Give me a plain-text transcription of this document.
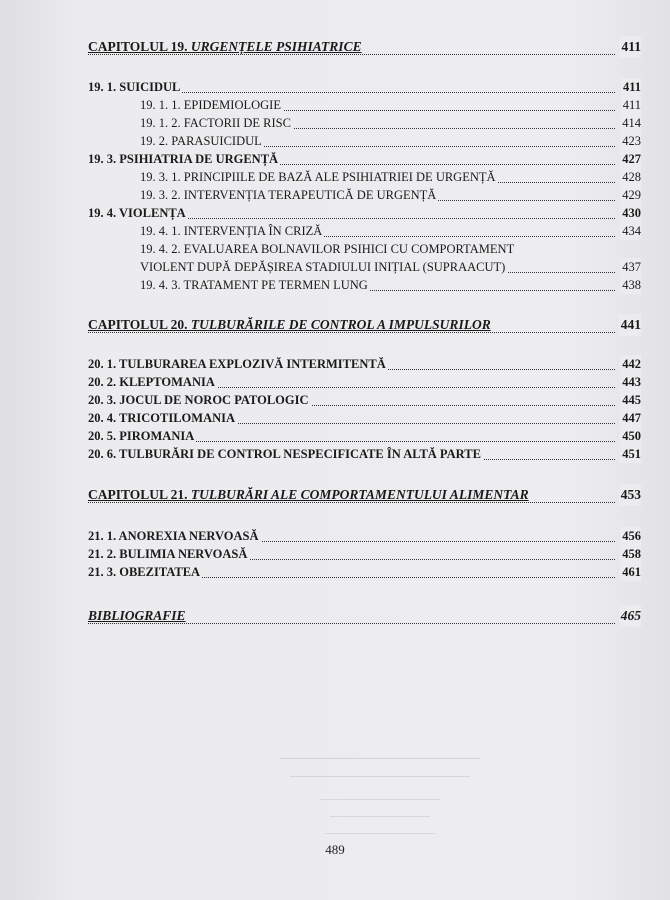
CAPITOLUL 19. URGENȚELE PSIHIATRICE	411
19. 1. SUICIDUL	411
19. 1. 1. EPIDEMIOLOGIE	411
19. 1. 2. FACTORII DE RISC	414
19. 2. PARASUICIDUL	423
19. 3. PSIHIATRIA DE URGENȚĂ	427
19. 3. 1. PRINCIPIILE DE BAZĂ ALE PSIHIATRIEI DE URGENȚĂ	428
19. 3. 2. INTERVENȚIA TERAPEUTICĂ DE URGENȚĂ	429
19. 4. VIOLENȚA	430
19. 4. 1. INTERVENȚIA ÎN CRIZĂ	434
19. 4. 2. EVALUAREA BOLNAVILOR PSIHICI CU COMPORTAMENT
VIOLENT DUPĂ DEPĂȘIREA STADIULUI INIȚIAL (SUPRAACUT)	437
19. 4. 3. TRATAMENT PE TERMEN LUNG	438
CAPITOLUL 20. TULBURĂRILE DE CONTROL A IMPULSURILOR	441
20. 1. TULBURAREA EXPLOZIVĂ INTERMITENTĂ	442
20. 2. KLEPTOMANIA	443
20. 3. JOCUL DE NOROC PATOLOGIC	445
20. 4. TRICOTILOMANIA	447
20. 5. PIROMANIA	450
20. 6. TULBURĂRI DE CONTROL NESPECIFICATE ÎN ALTĂ PARTE	451
CAPITOLUL 21. TULBURĂRI ALE COMPORTAMENTULUI ALIMENTAR	453
21. 1. ANOREXIA NERVOASĂ	456
21. 2. BULIMIA NERVOASĂ	458
21. 3. OBEZITATEA	461
BIBLIOGRAFIE	465
489
